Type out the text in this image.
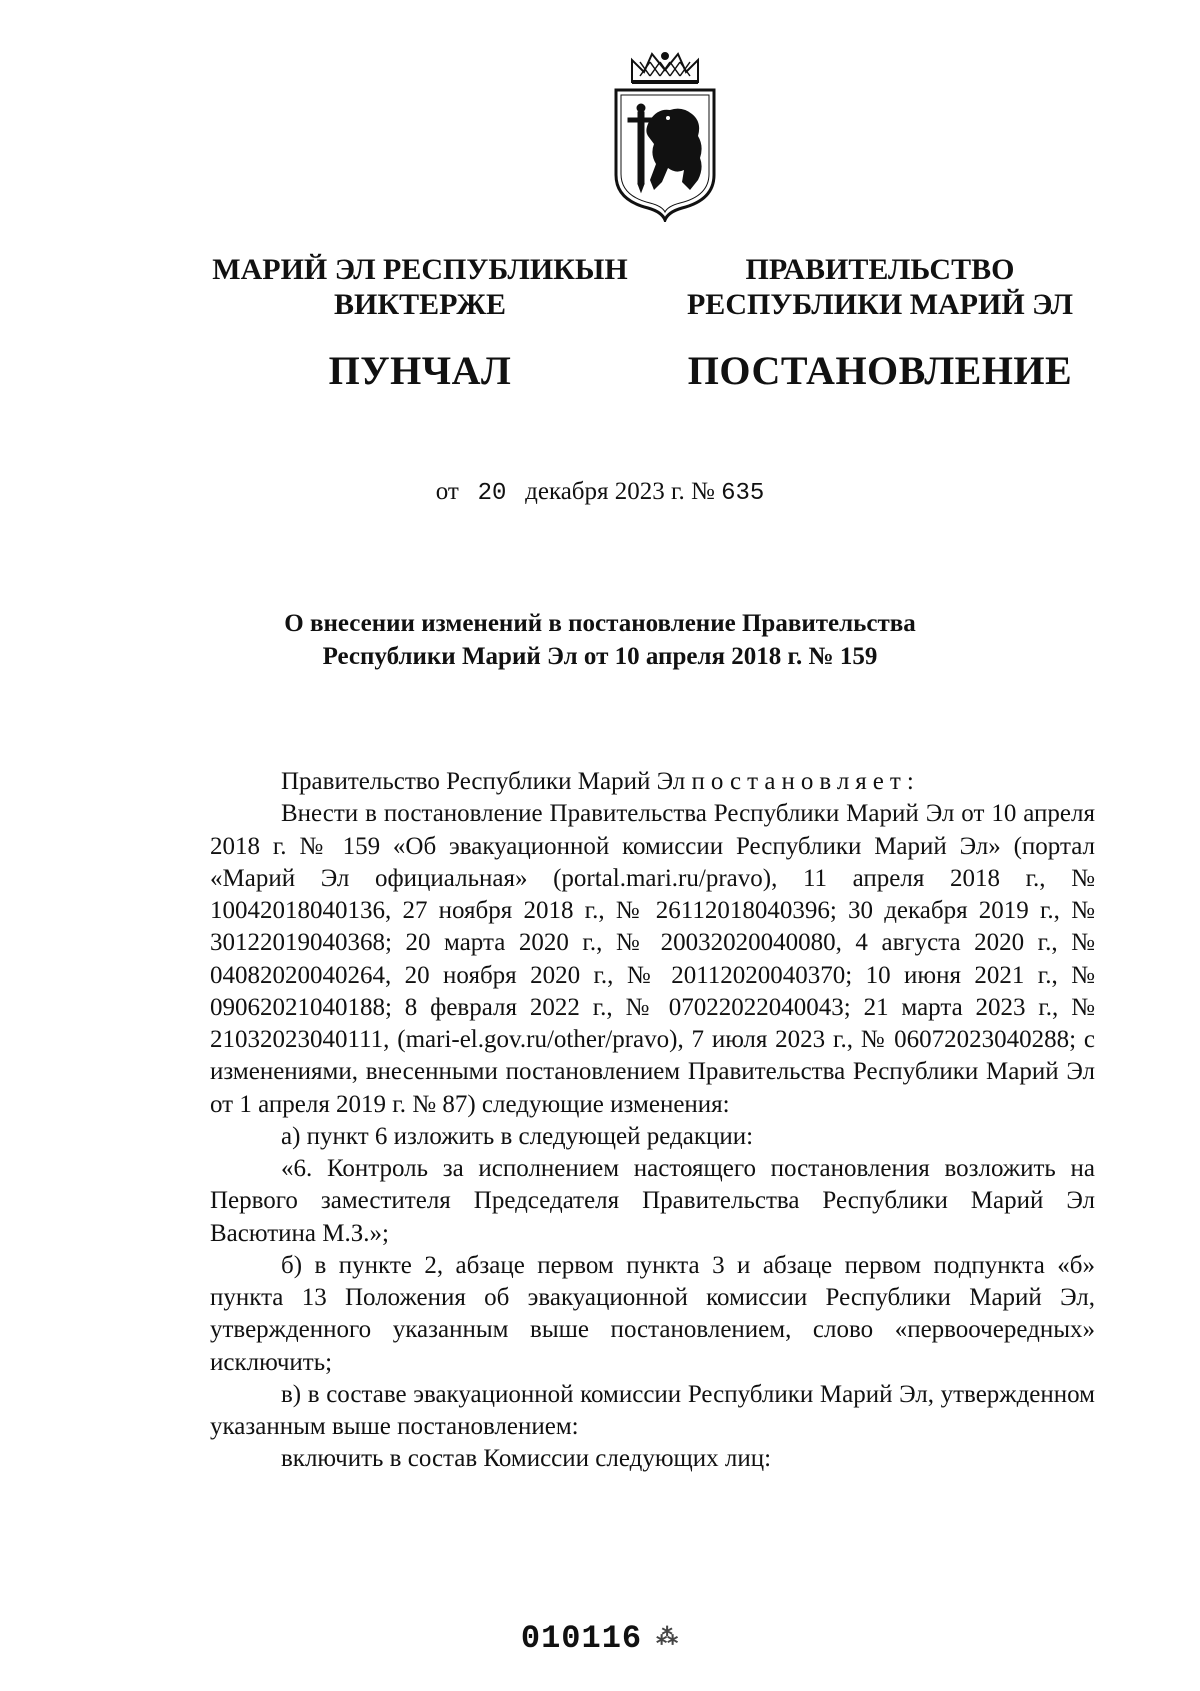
МАРИЙ ЭЛ РЕСПУБЛИКЫН
ВИКТЕРЖЕ
ПУНЧАЛ
ПРАВИТЕЛЬСТВО
РЕСПУБЛИКИ МАРИЙ ЭЛ
ПОСТАНОВЛЕНИЕ
от 20 декабря 2023 г. № 635
О внесении изменений в постановление Правительства
Республики Марий Эл от 10 апреля 2018 г. № 159

Правительство Республики Марий Эл постановляет:

Внести в постановление Правительства Республики Марий Эл от 10 апреля 2018 г. № 159 «Об эвакуационной комиссии Республики Марий Эл» (портал «Марий Эл официальная» (portal.mari.ru/pravo), 11 апреля 2018 г., № 10042018040136, 27 ноября 2018 г., № 26112018040396; 30 декабря 2019 г., № 30122019040368; 20 марта 2020 г., № 20032020040080, 4 августа 2020 г., № 04082020040264, 20 ноября 2020 г., № 20112020040370; 10 июня 2021 г., № 09062021040188; 8 февраля 2022 г., № 07022022040043; 21 марта 2023 г., № 21032023040111, (mari-el.gov.ru/other/pravo), 7 июля 2023 г., № 06072023040288; с изменениями, внесенными постановлением Правительства Республики Марий Эл от 1 апреля 2019 г. № 87) следующие изменения:

а) пункт 6 изложить в следующей редакции:

«6. Контроль за исполнением настоящего постановления возложить на Первого заместителя Председателя Правительства Республики Марий Эл Васютина М.З.»;

б) в пункте 2, абзаце первом пункта 3 и абзаце первом подпункта «б» пункта 13 Положения об эвакуационной комиссии Республики Марий Эл, утвержденного указанным выше постановлением, слово «первоочередных» исключить;

в) в составе эвакуационной комиссии Республики Марий Эл, утвержденном указанным выше постановлением:

включить в состав Комиссии следующих лиц:

010116 ⁂
